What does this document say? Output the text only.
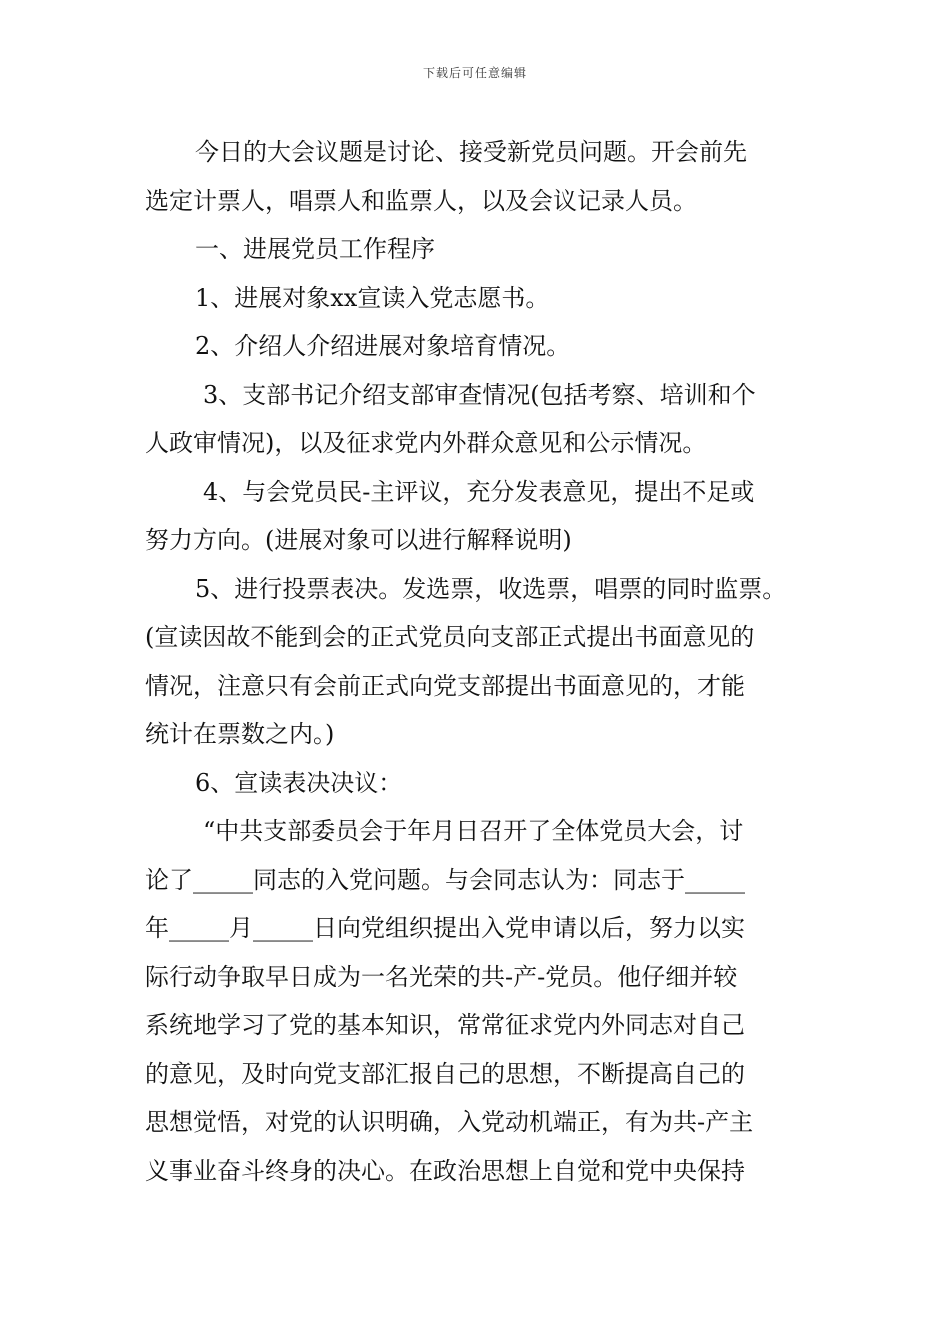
下载后可任意编辑
今日的大会议题是讨论、接受新党员问题。开会前先
选定计票人，唱票人和监票人，以及会议记录人员。
一、进展党员工作程序
1、进展对象xx宣读入党志愿书。
2、介绍人介绍进展对象培育情况。
3、支部书记介绍支部审查情况(包括考察、培训和个
人政审情况)，以及征求党内外群众意见和公示情况。
4、与会党员民-主评议，充分发表意见，提出不足或
努力方向。(进展对象可以进行解释说明)
5、进行投票表决。发选票，收选票，唱票的同时监票。
(宣读因故不能到会的正式党员向支部正式提出书面意见的
情况，注意只有会前正式向党支部提出书面意见的，才能
统计在票数之内。)
6、宣读表决决议：
“中共支部委员会于年月日召开了全体党员大会，讨
论了_____同志的入党问题。与会同志认为：同志于_____
年_____月_____日向党组织提出入党申请以后，努力以实
际行动争取早日成为一名光荣的共-产-党员。他仔细并较
系统地学习了党的基本知识，常常征求党内外同志对自己
的意见，及时向党支部汇报自己的思想，不断提高自己的
思想觉悟，对党的认识明确，入党动机端正，有为共-产主
义事业奋斗终身的决心。在政治思想上自觉和党中央保持
